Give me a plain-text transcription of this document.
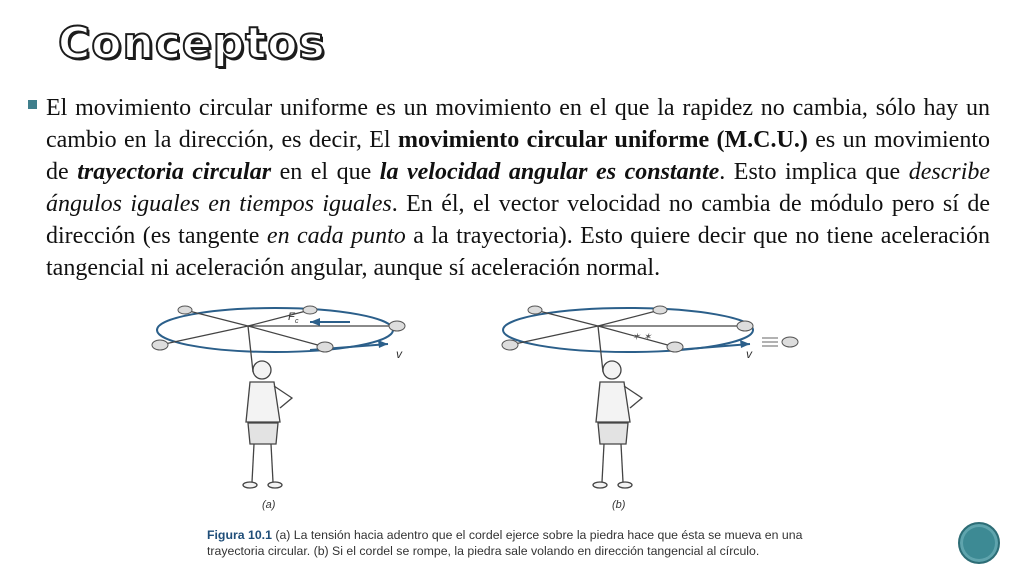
Conceptos
F c
v
(a)
✶ ✶
v
(b)
Figura 10.1 (a) La tensión hacia adentro que el cordel ejerce sobre la piedra hace que ésta se mueva en una trayectoria circular. (b) Si el cordel se rompe, la piedra sale volando en dirección tangencial al círculo.
El movimiento circular uniforme es un movimiento en el que la rapidez no cambia, sólo hay un cambio en la dirección, es decir, El movimiento circular uniforme (M.C.U.) es un movimiento de trayectoria circular en el que la velocidad angular es constante. Esto implica que describe ángulos iguales en tiempos iguales. En él, el vector velocidad no cambia de módulo pero sí de dirección (es tangente en cada punto a la trayectoria). Esto quiere decir que no tiene aceleración tangencial ni aceleración angular, aunque sí aceleración normal.
